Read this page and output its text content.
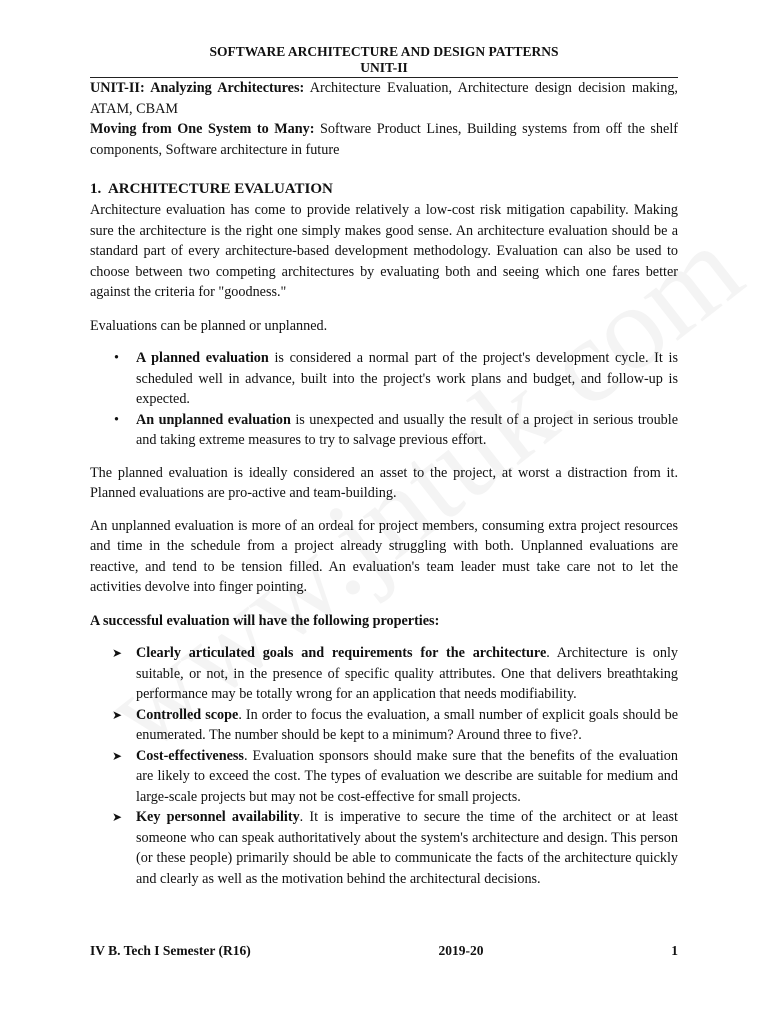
SOFTWARE ARCHITECTURE AND DESIGN PATTERNS
UNIT-II

UNIT-II: Analyzing Architectures: Architecture Evaluation, Architecture design decision making, ATAM, CBAM

Moving from One System to Many: Software Product Lines, Building systems from off the shelf components, Software architecture in future

1. ARCHITECTURE EVALUATION

Architecture evaluation has come to provide relatively a low-cost risk mitigation capability. Making sure the architecture is the right one simply makes good sense. An architecture evaluation should be a standard part of every architecture-based development methodology. Evaluation can also be used to choose between two competing architectures by evaluating both and seeing which one fares better against the criteria for "goodness."

Evaluations can be planned or unplanned.

• A planned evaluation is considered a normal part of the project's development cycle. It is scheduled well in advance, built into the project's work plans and budget, and follow-up is expected.
• An unplanned evaluation is unexpected and usually the result of a project in serious trouble and taking extreme measures to try to salvage previous effort.

The planned evaluation is ideally considered an asset to the project, at worst a distraction from it. Planned evaluations are pro-active and team-building.

An unplanned evaluation is more of an ordeal for project members, consuming extra project resources and time in the schedule from a project already struggling with both. Unplanned evaluations are reactive, and tend to be tension filled. An evaluation's team leader must take care not to let the activities devolve into finger pointing.

A successful evaluation will have the following properties:

➤ Clearly articulated goals and requirements for the architecture. Architecture is only suitable, or not, in the presence of specific quality attributes. One that delivers breathtaking performance may be totally wrong for an application that needs modifiability.
➤ Controlled scope. In order to focus the evaluation, a small number of explicit goals should be enumerated. The number should be kept to a minimum? Around three to five?.
➤ Cost-effectiveness. Evaluation sponsors should make sure that the benefits of the evaluation are likely to exceed the cost. The types of evaluation we describe are suitable for medium and large-scale projects but may not be cost-effective for small projects.
➤ Key personnel availability. It is imperative to secure the time of the architect or at least someone who can speak authoritatively about the system's architecture and design. This person (or these people) primarily should be able to communicate the facts of the architecture quickly and clearly as well as the motivation behind the architectural decisions.
IV B. Tech I Semester (R16)	2019-20	1
